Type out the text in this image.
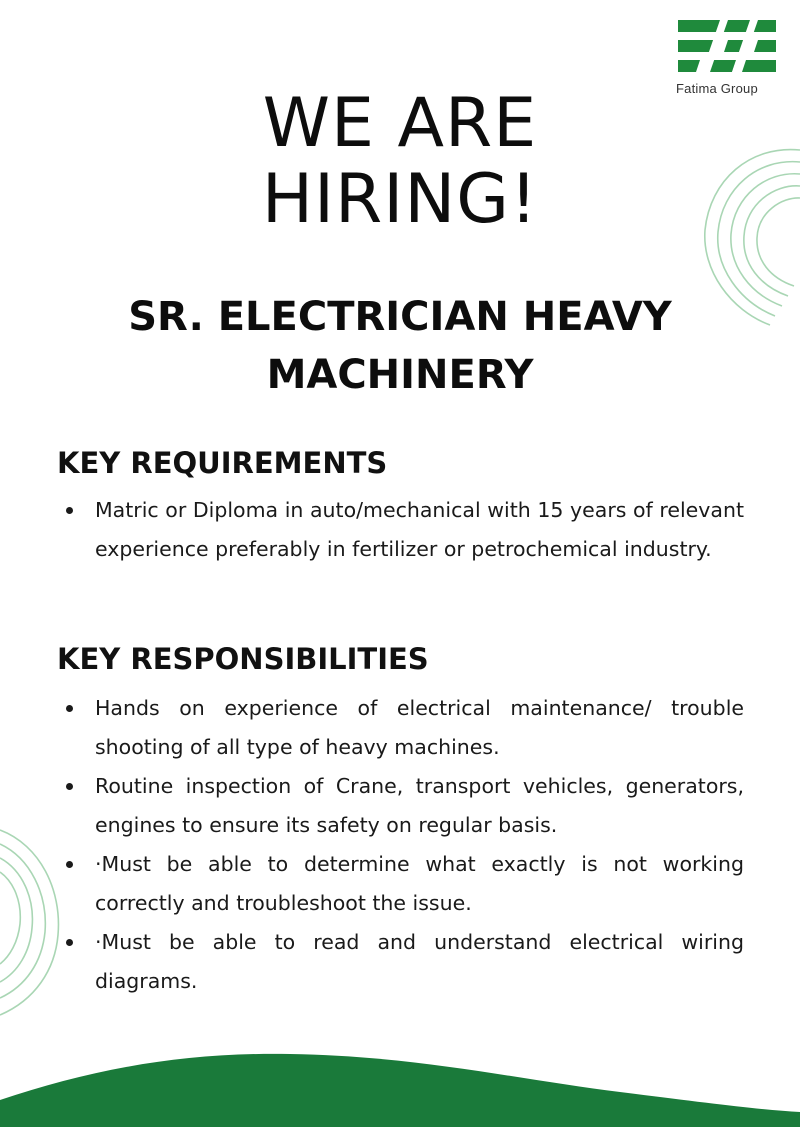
Fatima Group
WE ARE
HIRING!
SR. ELECTRICIAN HEAVY
MACHINERY
KEY REQUIREMENTS
Matric or Diploma in auto/mechanical with 15 years of relevant experience preferably in fertilizer or petrochemical industry.
KEY RESPONSIBILITIES
Hands on experience of electrical maintenance/ trouble shooting of all type of heavy machines.
Routine inspection of Crane, transport vehicles, generators, engines to ensure its safety on regular basis.
·Must be able to determine what exactly is not working correctly and troubleshoot the issue.
·Must be able to read and understand electrical wiring diagrams.
